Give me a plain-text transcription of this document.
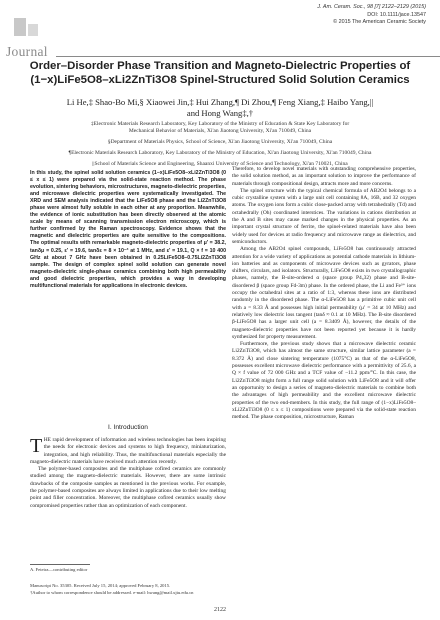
Journal
J. Am. Ceram. Soc., 98 [7] 2122–2129 (2015)
DOI: 10.1111/jace.13547
© 2015 The American Ceramic Society
Order–Disorder Phase Transition and Magneto-Dielectric Properties of
(1−x)LiFe5O8–xLi2ZnTi3O8 Spinel-Structured Solid Solution Ceramics
Li He,‡ Shao-Bo Mi,§ Xiaowei Jin,‡ Hui Zhang,¶ Di Zhou,¶ Feng Xiang,‡ Haibo Yang,||
and Hong Wang‡,†
‡Electronic Materials Research Laboratory, Key Laboratory of the Ministry of Education & State Key Laboratory for
Mechanical Behavior of Materials, Xi'an Jiaotong University, Xi'an 710049, China
§Department of Materials Physics, School of Science, Xi'an Jiaotong University, Xi'an 710049, China
¶Electronic Materials Research Laboratory, Key Laboratory of the Ministry of Education, Xi'an Jiaotong University, Xi'an 710049, China
||School of Materials Science and Engineering, Shaanxi University of Science and Technology, Xi'an 710021, China
In this study, the spinel solid solution ceramics (1−x)LiFe5O8–xLi2ZnTi3O8 (0 ≤ x ≤ 1) were prepared via the solid-state reaction method. The phase evolution, sintering behaviors, microstructures, magneto-dielectric properties, and microwave dielectric properties were systematically investigated. The XRD and SEM analysis indicated that the LiFe5O8 phase and the Li2ZnTi3O8 phase were almost fully soluble in each other at any proportion. Meanwhile, the evidence of ionic substitution has been directly observed at the atomic scale by means of scanning transmission electron microscopy, which is further confirmed by the Raman spectroscopy. Evidence shows that the magnetic and dielectric properties are quite sensitive to the compositions. The optimal results with remarkable magneto-dielectric properties of μ′ = 38.2, tanδμ = 0.25, ε′ = 19.6, tanδε = 8 × 10⁻³ at 1 MHz, and ε′ = 19.1, Q × f = 10 400 GHz at about 7 GHz have been obtained in 0.25LiFe5O8–0.75Li2ZnTi3O8 sample. The design of complex spinel solid solution can generate novel magneto-dielectric single-phase ceramics combining both high permeability and good dielectric properties, which provides a way in developing multifunctional materials for applications in electronic devices.
I. Introduction

THE rapid development of information and wireless technologies has been inspiring the needs for electronic devices and systems to high frequency, miniaturization, integration, and high reliability. Thus, the multifunctional materials especially the magneto-dielectric materials have received much attention recently.

The polymer-based composites and the multiphase cofired ceramics are commonly studied among the magneto-dielectric materials. However, there are some intrinsic drawbacks of the composite samples as mentioned in the previous works. For example, the polymer-based composites are always limited in applications due to their low melting point and filler concentration. Moreover, the multiphase cofired ceramics usually show compromised properties rather than an optimization of each component.

A. Feteira—contributing editor
Manuscript No. 35305. Received July 15, 2014; approved February 8, 2015.
†Author to whom correspondence should be addressed. e-mail: hwang@mail.xjtu.edu.cn

Therefore, to develop novel materials with outstanding comprehensive properties, the solid solution method, as an important solution to improve the performance of materials through compositional design, attracts more and more concerns.

The spinel structure with the typical chemical formula of AB2O4 belongs to a cubic crystalline system with a large unit cell containing 8A, 16B, and 32 oxygen atoms. The oxygen ions form a cubic close-packed array with tetrahedrally (Td) and octahedrally (Oh) coordinated interstices. The variations in cations distribution at the A and B sites may cause marked changes in the physical properties. As an important crystal structure of ferrite, the spinel-related materials have also been widely used for devices at radio frequency and microwave range as dielectrics, and semiconductors.

Among the AB2O4 spinel compounds, LiFe5O8 has continuously attracted attention for a wide variety of applications as potential cathode materials in lithium-ion batteries and as components of microwave devices such as gyrators, phase shifters, circulars, and isolators. Structurally, LiFe5O8 exists in two crystallographic phases, namely, the B-site-ordered α (space group P4₃32) phase and B-site-disordered β (space group Fd-3m) phase. In the ordered phase, the Li and Fe³⁺ ions occupy the octahedral sites at a ratio of 1:3, whereas these ions are distributed randomly in the disordered phase. The α-LiFe5O8 has a primitive cubic unit cell with a = 8.33 Å and possesses high initial permeability (μ′ = 34 at 10 MHz) and relatively low dielectric loss tangent (tanδ ≈ 0.1 at 10 MHz). The B-site disordered β-LiFe5O8 has a larger unit cell (a = 8.3409 Å), however, the details of the magneto-dielectric properties have not been reported yet because it is hardly synthesized for property measurement.

Furthermore, the previous study shows that a microwave dielectric ceramic Li2ZnTi3O8, which has almost the same structure, similar lattice parameter (a = 8.372 Å) and close sintering temperature (1075°C) as that of the α-LiFe5O8, possesses excellent microwave dielectric performance with a permittivity of 25.6, a Q × f value of 72 000 GHz and a TCF value of −11.2 ppm/°C. In this case, the Li2ZnTi3O8 might form a full range solid solution with LiFe5O8 and it will offer an opportunity to design a series of magneto-dielectric materials to combine both the advantages of high permeability and the excellent microwave dielectric properties of the two end-members. In this study, the full range of (1−x)LiFe5O8–xLi2ZnTi3O8 (0 ≤ x ≤ 1) compositions were prepared via the solid-state reaction method. The phase composition, microstructure, Raman

2122
